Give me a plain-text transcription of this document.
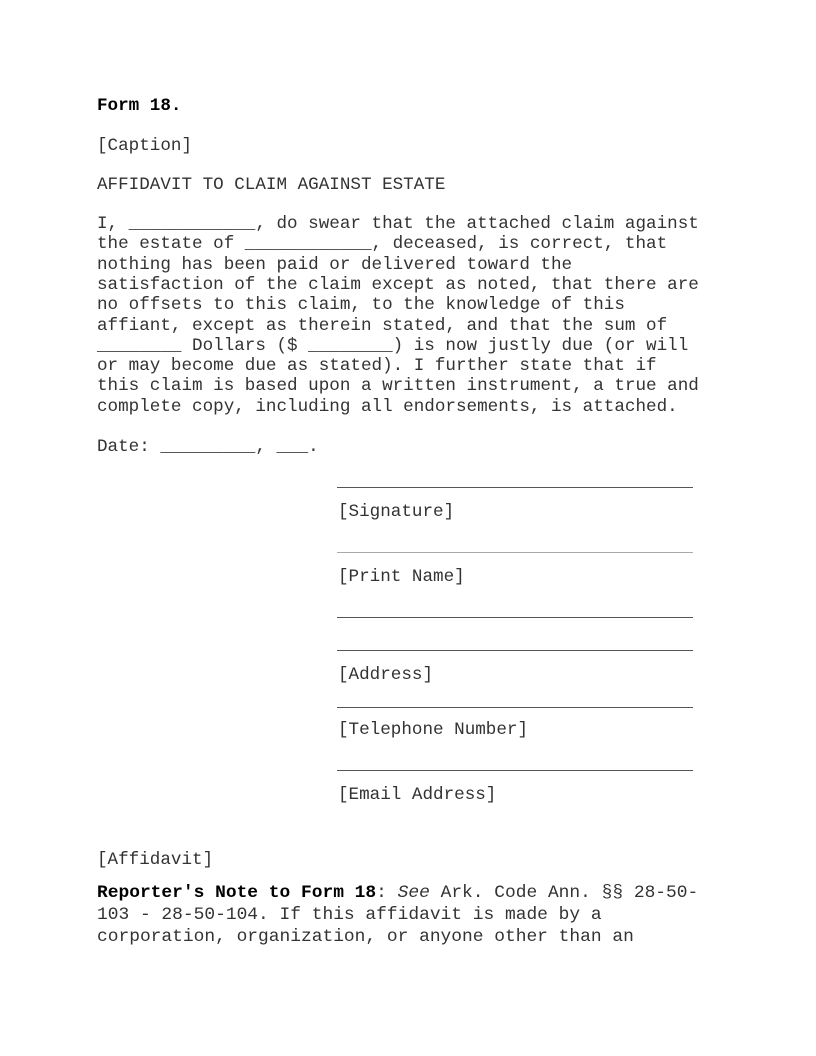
Form 18.
[Caption]
AFFIDAVIT TO CLAIM AGAINST ESTATE
I, ____________, do swear that the attached claim against
the estate of ____________, deceased, is correct, that
nothing has been paid or delivered toward the
satisfaction of the claim except as noted, that there are
no offsets to this claim, to the knowledge of this
affiant, except as therein stated, and that the sum of
________ Dollars ($ ________) is now justly due (or will
or may become due as stated). I further state that if
this claim is based upon a written instrument, a true and
complete copy, including all endorsements, is attached.
Date: _________, ___.
[Signature]
[Print Name]
[Address]
[Telephone Number]
[Email Address]
[Affidavit]
Reporter's Note to Form 18: See Ark. Code Ann. §§ 28-50-
103 - 28-50-104. If this affidavit is made by a
corporation, organization, or anyone other than an
